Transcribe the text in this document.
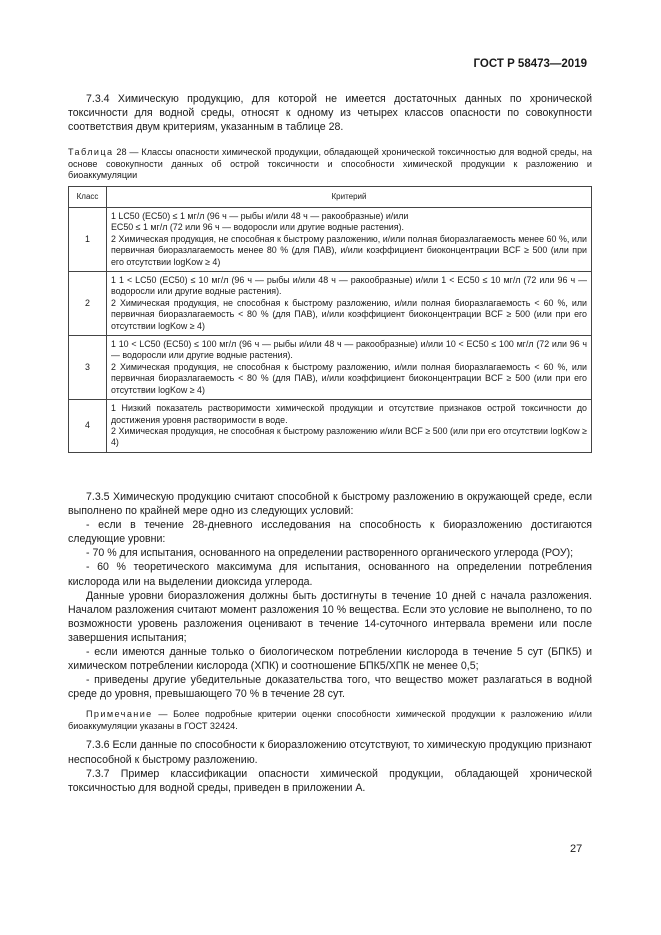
ГОСТ Р 58473—2019

7.3.4 Химическую продукцию, для которой не имеется достаточных данных по хронической токсичности для водной среды, относят к одному из четырех классов опасности по совокупности соответствия двум критериям, указанным в таблице 28.

Таблица 28 — Классы опасности химической продукции, обладающей хронической токсичностью для водной среды, на основе совокупности данных об острой токсичности и способности химической продукции к разложению и биоаккумуляции
Класс	Критерий
1	1 LC50 (EC50) ≤ 1 мг/л (96 ч — рыбы и/или 48 ч — ракообразные) и/или
EC50 ≤ 1 мг/л (72 или 96 ч — водоросли или другие водные растения).
2 Химическая продукция, не способная к быстрому разложению, и/или полная биоразлагаемость менее 60 %, или первичная биоразлагаемость менее 80 % (для ПАВ), и/или коэффициент биоконцентрации BCF ≥ 500 (или при его отсутствии logKow ≥ 4)

2	1 1 < LC50 (EC50) ≤ 10 мг/л (96 ч — рыбы и/или 48 ч — ракообразные) и/или 1 < EC50 ≤ 10 мг/л (72 или 96 ч — водоросли или другие водные растения).
2 Химическая продукция, не способная к быстрому разложению, и/или полная биоразлагаемость < 60 %, или первичная биоразлагаемость < 80 % (для ПАВ), и/или коэффициент биоконцентрации BCF ≥ 500 (или при его отсутствии logKow ≥ 4)

3	1 10 < LC50 (EC50) ≤ 100 мг/л (96 ч — рыбы и/или 48 ч — ракообразные) и/или 10 < EC50 ≤ 100 мг/л (72 или 96 ч — водоросли или другие водные растения).
2 Химическая продукция, не способная к быстрому разложению, и/или полная биоразлагаемость < 60 %, или первичная биоразлагаемость < 80 % (для ПАВ), и/или коэффициент биоконцентрации BCF ≥ 500 (или при его отсутствии logKow ≥ 4)

4	1 Низкий показатель растворимости химической продукции и отсутствие признаков острой токсичности до достижения уровня растворимости в воде.
2 Химическая продукция, не способная к быстрому разложению и/или BCF ≥ 500 (или при его отсутствии logKow ≥ 4)

7.3.5 Химическую продукцию считают способной к быстрому разложению в окружающей среде, если выполнено по крайней мере одно из следующих условий:

- если в течение 28-дневного исследования на способность к биоразложению достигаются следующие уровни:

- 70 % для испытания, основанного на определении растворенного органического углерода (РОУ);

- 60 % теоретического максимума для испытания, основанного на определении потребления кислорода или на выделении диоксида углерода.

Данные уровни биоразложения должны быть достигнуты в течение 10 дней с начала разложения. Началом разложения считают момент разложения 10 % вещества. Если это условие не выполнено, то по возможности уровень разложения оценивают в течение 14-суточного интервала времени или после завершения испытания;

- если имеются данные только о биологическом потреблении кислорода в течение 5 сут (БПК5) и химическом потреблении кислорода (ХПК) и соотношение БПК5/ХПК не менее 0,5;

- приведены другие убедительные доказательства того, что вещество может разлагаться в водной среде до уровня, превышающего 70 % в течение 28 сут.

Примечание — Более подробные критерии оценки способности химической продукции к разложению и/или биоаккумуляции указаны в ГОСТ 32424.

7.3.6 Если данные по способности к биоразложению отсутствуют, то химическую продукцию признают неспособной к быстрому разложению.

7.3.7 Пример классификации опасности химической продукции, обладающей хронической токсичностью для водной среды, приведен в приложении А.

27
